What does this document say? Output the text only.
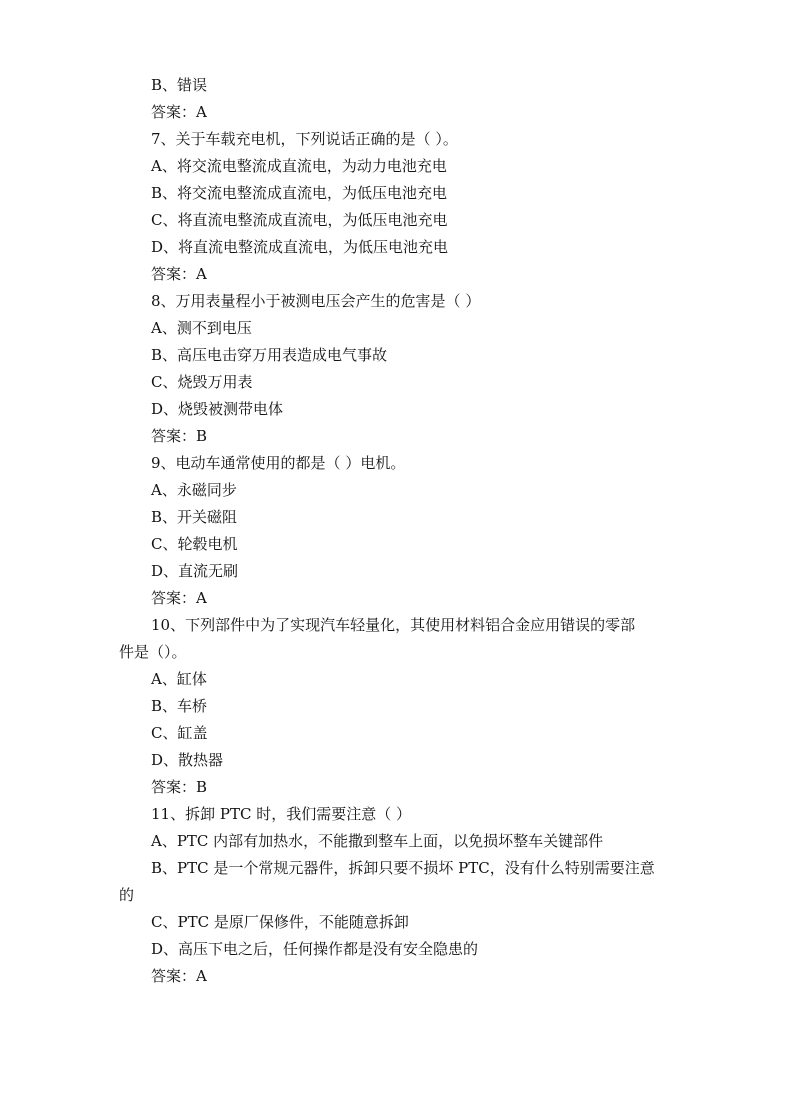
B、错误
答案：A
7、关于车载充电机，下列说话正确的是（ ）。
A、将交流电整流成直流电，为动力电池充电
B、将交流电整流成直流电，为低压电池充电
C、将直流电整流成直流电，为低压电池充电
D、将直流电整流成直流电，为低压电池充电
答案：A
8、万用表量程小于被测电压会产生的危害是（ ）
A、测不到电压
B、高压电击穿万用表造成电气事故
C、烧毁万用表
D、烧毁被测带电体
答案：B
9、电动车通常使用的都是（ ）电机。
A、永磁同步
B、开关磁阻
C、轮毂电机
D、直流无刷
答案：A
10、下列部件中为了实现汽车轻量化，其使用材料铝合金应用错误的零部
件是（）。
A、缸体
B、车桥
C、缸盖
D、散热器
答案：B
11、拆卸 PTC 时，我们需要注意（ ）
A、PTC 内部有加热水，不能撒到整车上面，以免损坏整车关键部件
B、PTC 是一个常规元器件，拆卸只要不损坏 PTC，没有什么特别需要注意
的
C、PTC 是原厂保修件，不能随意拆卸
D、高压下电之后，任何操作都是没有安全隐患的
答案：A
